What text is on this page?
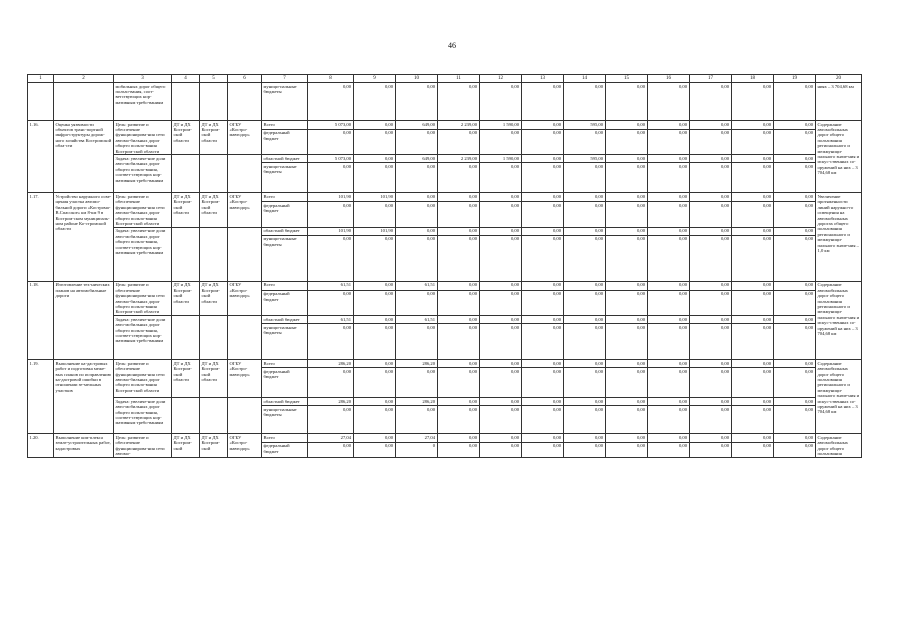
46
1	2	3	4	5	6	7	8	9	10	11	12	13	14	15	16	17	18	19	20
		мобильных дорог общего пользо-вания, соот-ветствующих нор-мативным требо-ваниям				муници-пальные бюджеты	0,00	0,00	0,00	0,00	0,00	0,00	0,00	0,00	0,00	0,00	0,00	0,00	ниях – 3 704,68 км
1.16.	Оценка уязвимости объектов транс-портной инфра-структуры дорож-ного хозяйства Костромской обла-сти	Цель: развитие и обеспечение функционирова-ния сети автомо-бильных дорог общего пользо-вания Костром-ской области	ДТ и ДХ Костром-ской области	ДТ и ДХ Костром-ской области	ОГБУ «Костро-мавтодор»	Всего	5 073,00	0,00	649,00	2 239,00	1 590,00	0,00	595,00	0,00	0,00	0,00	0,00	0,00	Содержание автомобильных дорог общего пользования регионального и межмуници-пального значе-ния и искус-ственных со-оружений на них – 3 704,68 км
						федеральный бюджет	0,00	0,00	0,00	0,00	0,00	0,00	0,00	0,00	0,00	0,00	0,00	0,00	
		Задача: увеличе-ние доли авто-мобильных дорог общего пользо-вания, соответ-ствующих нор-мативным требо-ваниям				областной бюджет	5 073,00	0,00	649,00	2 239,00	1 590,00	0,00	595,00	0,00	0,00	0,00	0,00	0,00	
						муници-пальные бюджеты	0,00	0,00	0,00	0,00	0,00	0,00	0,00	0,00	0,00	0,00	0,00	0,00	
1.17.	Устройство наружного осве-щения участка автомо-бильной дороги «Кострома-В.Спасское» км 8-км 9 в Костром-ском муниципаль-ном районе Ко-стромской области	Цель: развитие и обеспечение функционирова-ния сети автомо-бильных дорог общего пользо-вания Костром-ской области	ДТ и ДХ Костром-ской области	ДТ и ДХ Костром-ской области	ОГБУ «Костро-мавтодор»	Всего	101,90	101,90	0,00	0,00	0,00	0,00	0,00	0,00	0,00	0,00	0,00	0,00	Увеличение протяженности линий наружно-го освещения на автомобильных дорогах общего пользования регионального и межмуници-пального значе-ния – 1,0 км
						федеральный бюджет	0,00	0,00	0,00	0,00	0,00	0,00	0,00	0,00	0,00	0,00	0,00	0,00	
		Задача: увеличе-ние доли авто-мобильных дорог общего пользо-вания, соответ-ствующих нор-мативным требо-ваниям				областной бюджет	101,90	101,90	0,00	0,00	0,00	0,00	0,00	0,00	0,00	0,00	0,00	0,00	
						муници-пальные бюджеты	0,00	0,00	0,00	0,00	0,00	0,00	0,00	0,00	0,00	0,00	0,00	0,00	
1.18.	Изготовление тех-нических планов на автомобильные дороги	Цель: развитие и обеспечение функционирова-ния сети автомо-бильных дорог общего пользо-вания Костром-ской области	ДТ и ДХ Костром-ской области	ДТ и ДХ Костром-ской области	ОГБУ «Костро-мавтодор»	Всего	61,51	0,00	61,51	0,00	0,00	0,00	0,00	0,00	0,00	0,00	0,00	0,00	Содержание автомобильных дорог общего пользования регионального и межмуници-пального значе-ния и искус-ственных со-оружений на них – 3 704,68 км
						федеральный бюджет	0,00	0,00	0,00	0,00	0,00	0,00	0,00	0,00	0,00	0,00	0,00	0,00	
		Задача: увеличе-ние доли авто-мобильных дорог общего пользо-вания, соответ-ствующих нор-мативным требо-ваниям				областной бюджет	61,51	0,00	61,51	0,00	0,00	0,00	0,00	0,00	0,00	0,00	0,00	0,00	
						муници-пальные бюджеты	0,00	0,00	0,00	0,00	0,00	0,00	0,00	0,00	0,00	0,00	0,00	0,00	
1.19.	Выполнение ка-дастровых работ и подготовка меже-вых планов по исправлению ка-дастровой ошибки в отношении зе-мельных участков	Цель: развитие и обеспечение функционирова-ния сети автомо-бильных дорог общего пользо-вания Костром-ской области	ДТ и ДХ Костром-ской области	ДТ и ДХ Костром-ской области	ОГБУ «Костро-мавтодор»	Всего	286,20	0,00	286,20	0,00	0,00	0,00	0,00	0,00	0,00	0,00	0,00	0,00	Содержание автомобильных дорог общего пользования регионального и межмуници-пального значе-ния и искус-ственных со-оружений на них – 3 704,68 км
						федеральный бюджет	0,00	0,00	0,00	0,00	0,00	0,00	0,00	0,00	0,00	0,00	0,00	0,00	
		Задача: увеличе-ние доли авто-мобильных дорог общего пользо-вания, соответ-ствующих нор-мативным требо-ваниям				областной бюджет	286,20	0,00	286,20	0,00	0,00	0,00	0,00	0,00	0,00	0,00	0,00	0,00	
						муници-пальные бюджеты	0,00	0,00	0,00	0,00	0,00	0,00	0,00	0,00	0,00	0,00	0,00	0,00	
1.20.	Выполнение ком-плекса земле-устроительных работ, кадастровых	Цель: развитие и обеспечение функционирова-ния сети автомо-	ДТ и ДХ Костром-ской	ДТ и ДХ Костром-ской	ОГБУ «Костро-мавтодор»	Всего	27,04	0,00	27,04	0,00	0,00	0,00	0,00	0,00	0,00	0,00	0,00	0,00	Содержание автомобильных дорог общего пользования
						федеральный бюджет	0,00	0,00	0	0,00	0,00	0,00	0,00	0,00	0,00	0,00	0,00	0,00	
